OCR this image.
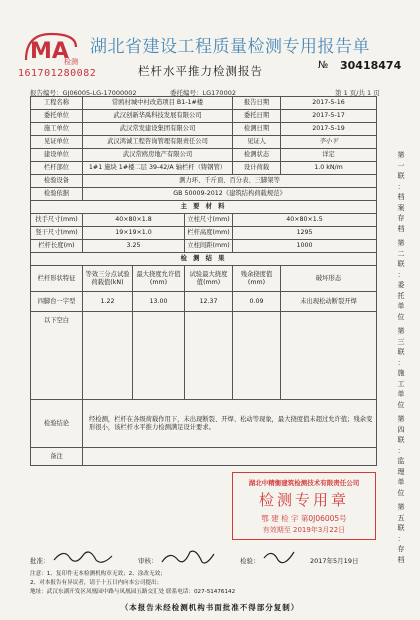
MA
检测
161701280082
湖北省建设工程质量检测专用报告单
栏杆水平推力检测报告	№ 30418474
报告编号：GJ06005-LG-17000002	委托编号：LG170002	第 1 页/共 1 页
工程名称	常鸥村城中村改造项目 B1-1#楼			报告日期	2017-5-16
委托单位	武汉创新华禹科技发展有限公司			委托日期	2017-5-17
施工单位	武汉常发建设集团有限公司			检测日期	2017-5-19
见证单位	武汉鸿诚工程咨询管理有限责任公司			见证人	李小平
建设单位	武汉常鸥房地产有限公司			检测状态	详定
栏杆部位	1#1 施块 1#楼二层 39-42/A 轴栏杆（铸钢管）			设计荷载	1.0 kN/m
检验设备	测力环、千斤顶、百分表、三脚架等				
检验依据	GB 50009-2012《建筑结构荷载规范》				
主 要 材 料					
扶手尺寸(mm)	40×80×1.8		立柱尺寸(mm)	40×80×1.5	
竖干尺寸(mm)	19×19×1.0		栏杆高度(mm)	1295	
栏杆长度(m)	3.25		立柱间距(mm)	1000	
检 测 结 果					
栏杆形状特征	等效三分点试验荷载值(kN)	最大挠度允许值(mm)	试验最大挠度值(mm)	残余挠度值(mm)	破坏形态
四脚台一字型	1.22	13.00	12.37	0.09	未出现松动断裂开焊
以下空白					
检验结论	经检测，栏杆在各级荷载作用下，未出现断裂、开焊、松动等现象，最大挠度值未超过允许值；残余变形很小，该栏杆水平推力检测满足设计要求。				
备注					
湖北中精衡建筑检测技术有限责任公司
检测专用章
鄂 建 检 字 第0J06005号
有效期至 2019年3月22日
批准：	审核：	检验：	2017年5月19日
注意：1、复印件无本检测机构章无效；2、涂改无效；
2、对本报告有异议者，请于十五日内向本公司提出；
地址：武汉东湖开发区凤凰园中路与凤凰园五路交汇处 联系电话：027-51476142
（本报告未经检测机构书面批准不得部分复制）
第
一
联
：
档
案
存
档
第
二
联
：
委
托
单
位
第
三
联
：
施
工
单
位
第
四
联
：
监
理
单
位
第
五
联
：
存
档
